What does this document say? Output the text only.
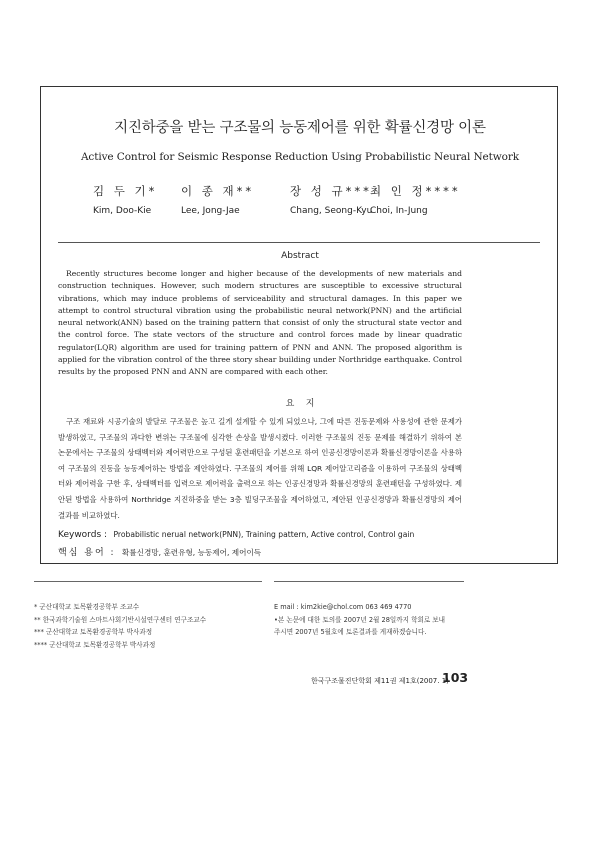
지진하중을 받는 구조물의 능동제어를 위한 확률신경망 이론
Active Control for Seismic Response Reduction Using Probabilistic Neural Network
김 두 기*
Kim, Doo-Kie
이 종 재**
Lee, Jong-Jae
장 성 규***
Chang, Seong-Kyu
최 인 정****
Choi, In-Jung
Abstract

Recently structures become longer and higher because of the developments of new materials and construction techniques. However, such modern structures are susceptible to excessive structural vibrations, which may induce problems of serviceability and structural damages. In this paper we attempt to control structural vibration using the probabilistic neural network(PNN) and the artificial neural network(ANN) based on the training pattern that consist of only the structural state vector and the control force. The state vectors of the structure and control forces made by linear quadratic regulator(LQR) algorithm are used for training pattern of PNN and ANN. The proposed algorithm is applied for the vibration control of the three story shear building under Northridge earthquake. Control results by the proposed PNN and ANN are compared with each other.

요    지

구조 재료와 시공기술의 발달로 구조물은 높고 길게 설계할 수 있게 되었으나, 그에 따른 진동문제와 사용성에 관한 문제가 발생하였고, 구조물의 과다한 변위는 구조물에 심각한 손상을 발생시켰다. 이러한 구조물의 진동 문제를 해결하기 위하여 본 논문에서는 구조물의 상태벡터와 제어력만으로 구성된 훈련패턴을 기본으로 하여 인공신경망이론과 확률신경망이론을 사용하여 구조물의 진동을 능동제어하는 방법을 제안하였다. 구조물의 제어를 위해 LQR 제어알고리즘을 이용하여 구조물의 상태벡터와 제어력을 구한 후, 상태벡터를 입력으로 제어력을 출력으로 하는 인공신경망과 확률신경망의 훈련패턴을 구성하였다. 제안된 방법을 사용하여 Northridge 지진하중을 받는 3층 빌딩구조물을 제어하였고, 제안된 인공신경망과 확률신경망의 제어 결과를 비교하였다.

Keywords : Probabilistic nerual network(PNN), Training pattern, Active control, Control gain
핵심 용어 : 확률신경망, 훈련유형, 능동제어, 제어이득
* 군산대학교 토목환경공학부 조교수
** 한국과학기술원 스마트사회기반시설연구센터 연구조교수
*** 군산대학교 토목환경공학부 박사과정
**** 군산대학교 토목환경공학부 박사과정
E mail : kim2kie@chol.com 063 469 4770
•본 논문에 대한 토의를 2007년 2월 28일까지 학회로 보내
주시면 2007년 5월호에 토론결과를 게재하겠습니다.
한국구조물진단학회 제11권 제1호(2007. 1)
103
